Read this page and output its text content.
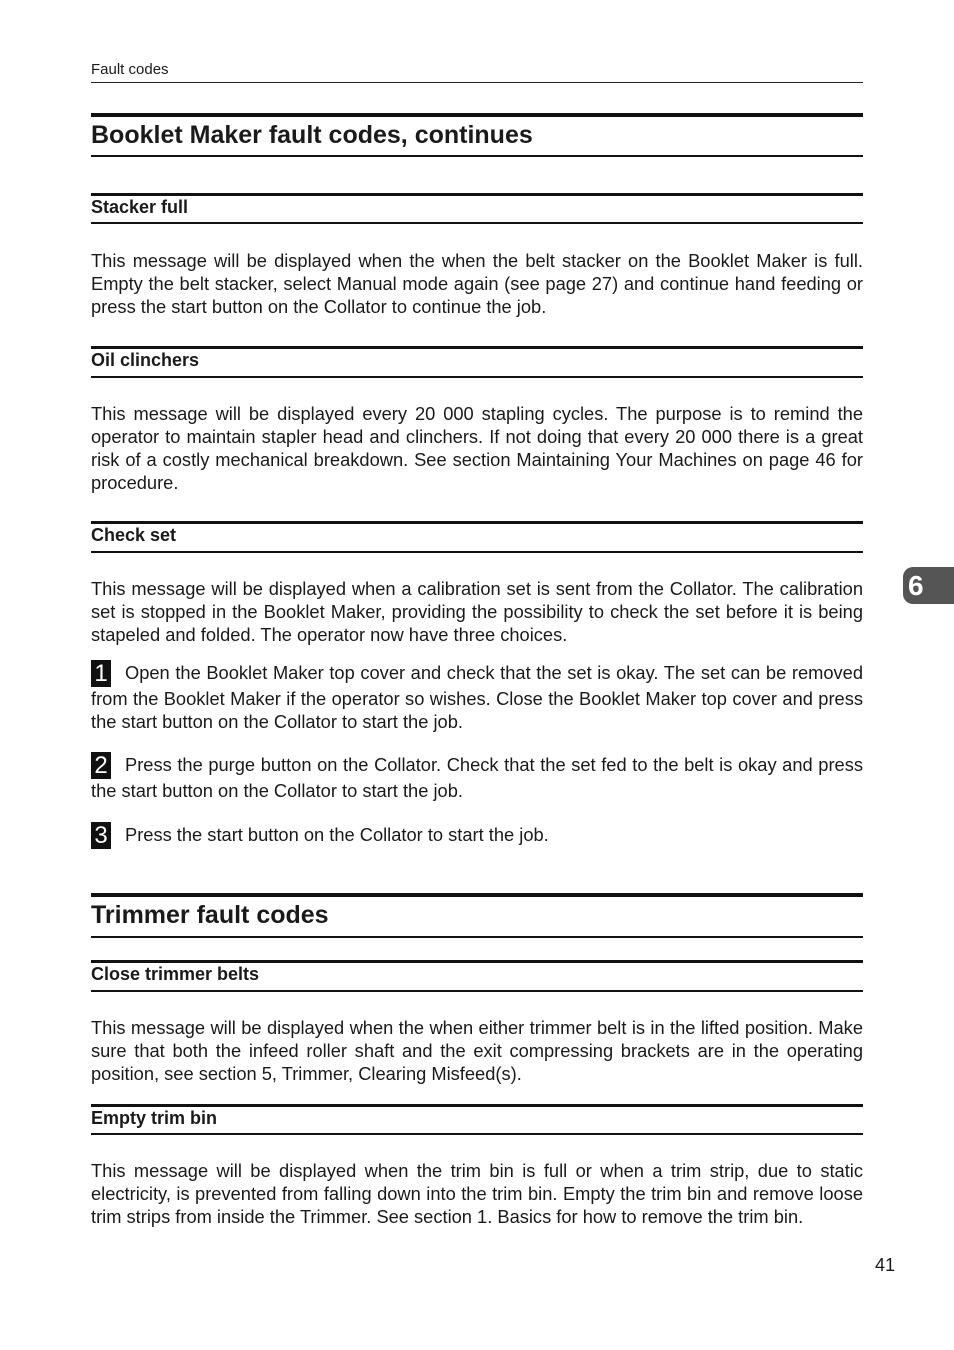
Fault codes
Booklet Maker fault codes, continues
Stacker full
This message will be displayed when the when the belt stacker on the Booklet Maker is full. Empty the belt stacker, select Manual mode again (see page 27) and continue hand feeding or press the start button on the Collator to continue the job.
Oil clinchers
This message will be displayed every 20 000 stapling cycles. The purpose is to remind the operator to maintain stapler head and clinchers. If not doing that every 20 000 there is a great risk of a costly mechanical breakdown. See section Maintaining Your Machines on page 46 for procedure.
Check set
This message will be displayed when a calibration set is sent from the Collator. The calibration set is stopped in the Booklet Maker, providing the possibility to check the set before it is being stapeled and folded. The operator now have three choices.
1 Open the Booklet Maker top cover and check that the set is okay. The set can be removed from the Booklet Maker if the operator so wishes. Close the Booklet Maker top cover and press the start button on the Collator to start the job.
2 Press the purge button on the Collator. Check that the set fed to the belt is okay and press the start button on the Collator to start the job.
3 Press the start button on the Collator to start the job.
Trimmer fault codes
Close trimmer belts
This message will be displayed when the when either trimmer belt is in the lifted position. Make sure that both the infeed roller shaft and the exit compressing brackets are in the operating position, see section 5, Trimmer, Clearing Misfeed(s).
Empty trim bin
This message will be displayed when the trim bin is full or when a trim strip, due to static electricity, is prevented from falling down into the trim bin. Empty the trim bin and remove loose trim strips from inside the Trimmer. See section 1. Basics for how to remove the trim bin.
6
41
